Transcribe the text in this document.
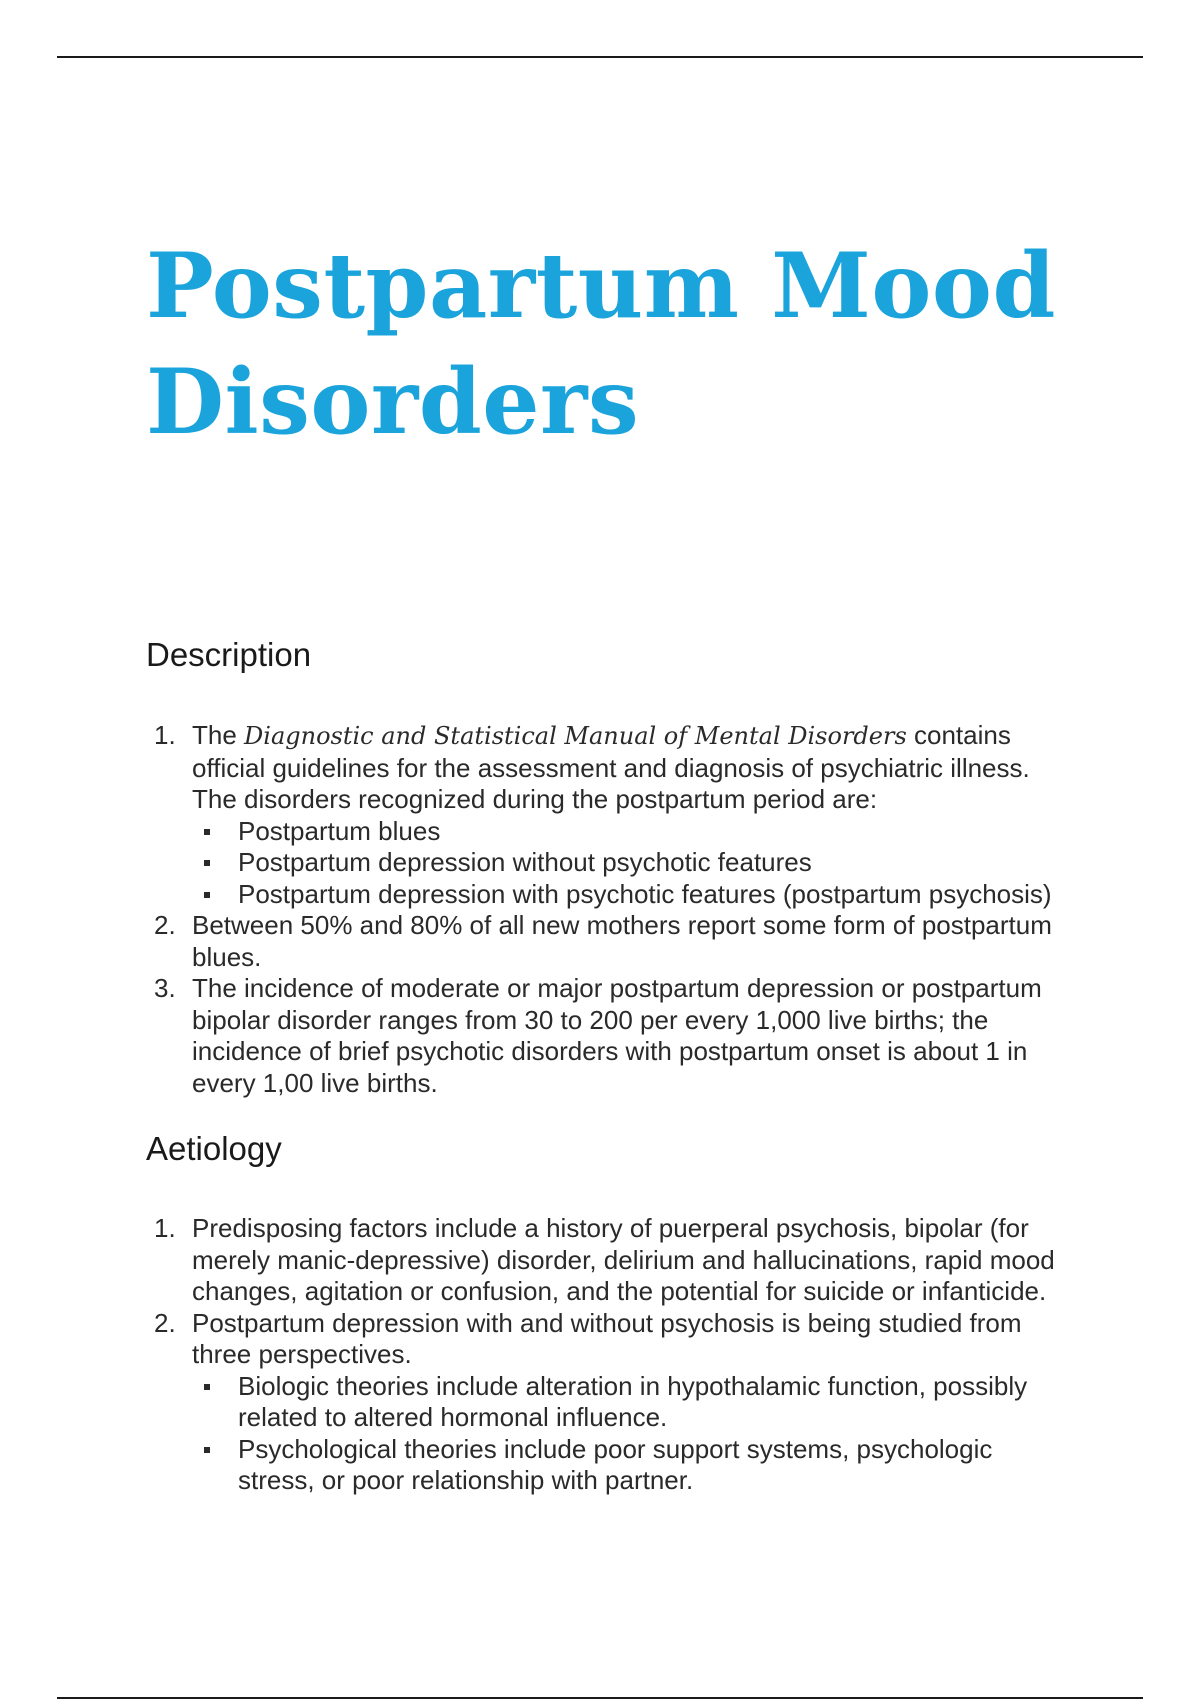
Postpartum Mood
Disorders
Description
1. The Diagnostic and Statistical Manual of Mental Disorders contains official guidelines for the assessment and diagnosis of psychiatric illness. The disorders recognized during the postpartum period are:
Postpartum blues
Postpartum depression without psychotic features
Postpartum depression with psychotic features (postpartum psychosis)
2. Between 50% and 80% of all new mothers report some form of postpartum blues.
3. The incidence of moderate or major postpartum depression or postpartum bipolar disorder ranges from 30 to 200 per every 1,000 live births; the incidence of brief psychotic disorders with postpartum onset is about 1 in every 1,00 live births.
Aetiology
1. Predisposing factors include a history of puerperal psychosis, bipolar (for merely manic-depressive) disorder, delirium and hallucinations, rapid mood changes, agitation or confusion, and the potential for suicide or infanticide.
2. Postpartum depression with and without psychosis is being studied from three perspectives.
Biologic theories include alteration in hypothalamic function, possibly related to altered hormonal influence.
Psychological theories include poor support systems, psychologic stress, or poor relationship with partner.
